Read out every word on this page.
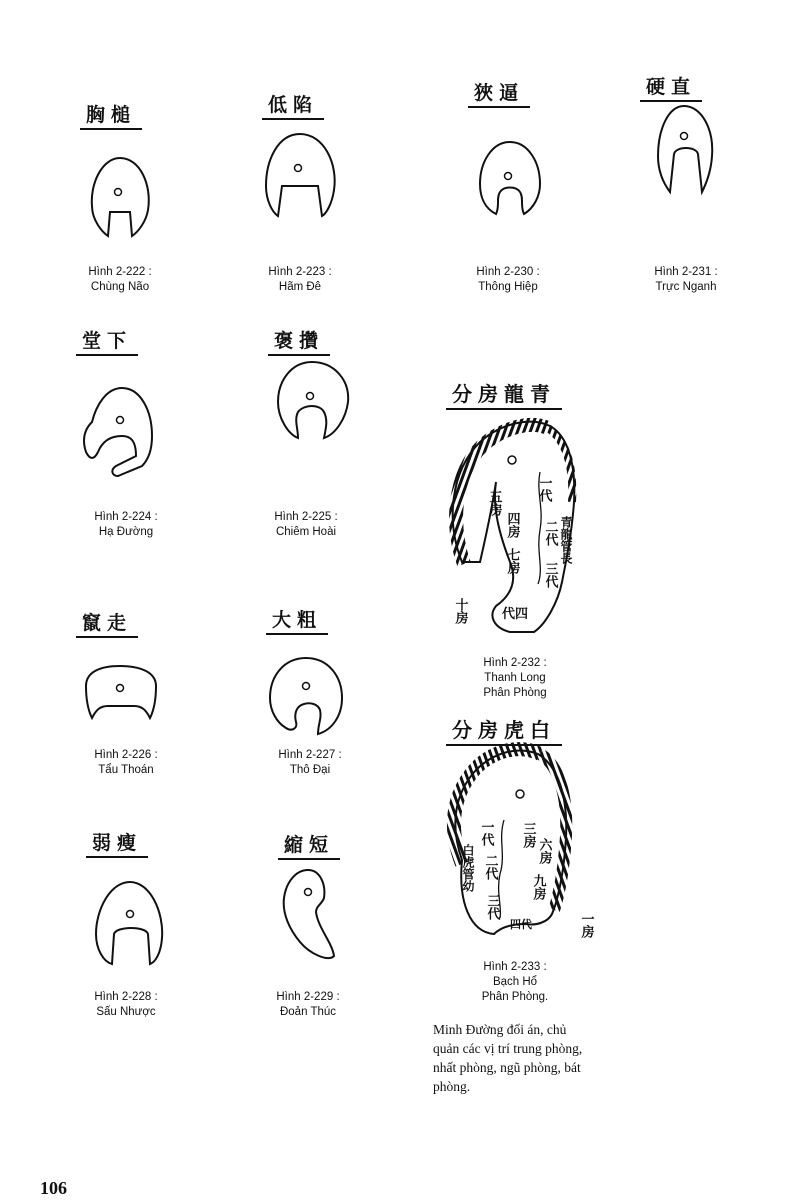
胸槌
Hình 2-222 :
Chùng Não
低陷
Hình 2-223 :
Hãm Đê
狹逼
Hình 2-230 :
Thông Hiệp
硬直
Hình 2-231 :
Trực Nganh
堂下
Hình 2-224 :
Hạ Đường
褒攢
Hình 2-225 :
Chiêm Hoài
竄走
Hình 2-226 :
Tẩu Thoán
大粗
Hình 2-227 :
Thô Đại
弱瘦
Hình 2-228 :
Sấu Nhược
縮短
Hình 2-229 :
Đoản Thúc
分房龍青
五房
四房
七房
一代
二代
三代
青龍管長
代四
十房
Hình 2-232 :
Thanh Long
Phân Phòng
分房虎白
三房
六房
九房
一代
二代
三代
白虎管幼
四代	一房
Hình 2-233 :
Bạch Hổ
Phân Phòng.
Minh Đường đối án, chủ quản các vị trí trung phòng, nhất phòng, ngũ phòng, bát phòng.
106
